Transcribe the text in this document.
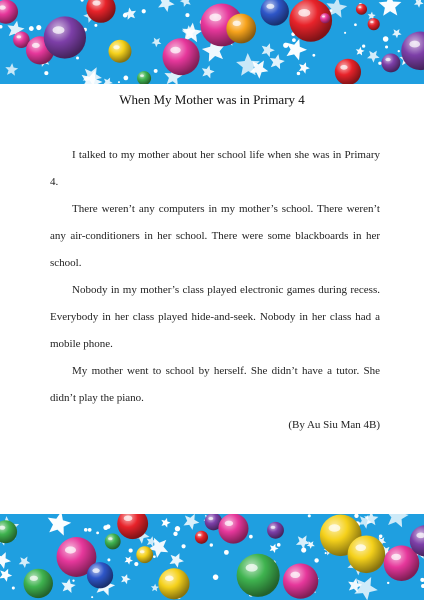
When My Mother was in Primary 4

I talked to my mother about her school life when she was in Primary 4.

There weren’t any computers in my mother’s school. There weren’t any air-conditioners in her school. There were some blackboards in her school.

Nobody in my mother’s class played electronic games during recess. Everybody in her class played hide-and-seek. Nobody in her class had a mobile phone.

My mother went to school by herself. She didn’t have a tutor. She didn’t play the piano.

(By Au Siu Man 4B)
